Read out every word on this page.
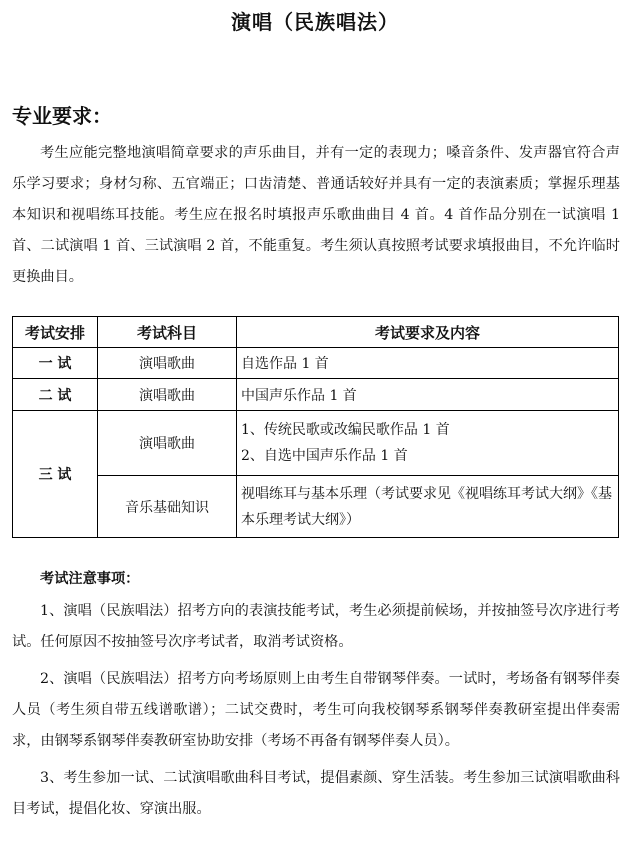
演唱（民族唱法）
专业要求：
考生应能完整地演唱简章要求的声乐曲目，并有一定的表现力；嗓音条件、发声器官符合声乐学习要求；身材匀称、五官端正；口齿清楚、普通话较好并具有一定的表演素质；掌握乐理基本知识和视唱练耳技能。考生应在报名时填报声乐歌曲曲目 4 首。4 首作品分别在一试演唱 1 首、二试演唱 1 首、三试演唱 2 首，不能重复。考生须认真按照考试要求填报曲目，不允许临时更换曲目。
考试安排	考试科目	考试要求及内容
一 试	演唱歌曲	自选作品 1 首
二 试	演唱歌曲	中国声乐作品 1 首
三 试	演唱歌曲	1、传统民歌或改编民歌作品 1 首
2、自选中国声乐作品 1 首

	音乐基础知识	视唱练耳与基本乐理（考试要求见《视唱练耳考试大纲》《基本乐理考试大纲》）
考试注意事项：

1、演唱（民族唱法）招考方向的表演技能考试，考生必须提前候场，并按抽签号次序进行考试。任何原因不按抽签号次序考试者，取消考试资格。

2、演唱（民族唱法）招考方向考场原则上由考生自带钢琴伴奏。一试时，考场备有钢琴伴奏人员（考生须自带五线谱歌谱）；二试交费时，考生可向我校钢琴系钢琴伴奏教研室提出伴奏需求，由钢琴系钢琴伴奏教研室协助安排（考场不再备有钢琴伴奏人员）。

3、考生参加一试、二试演唱歌曲科目考试，提倡素颜、穿生活装。考生参加三试演唱歌曲科目考试，提倡化妆、穿演出服。
